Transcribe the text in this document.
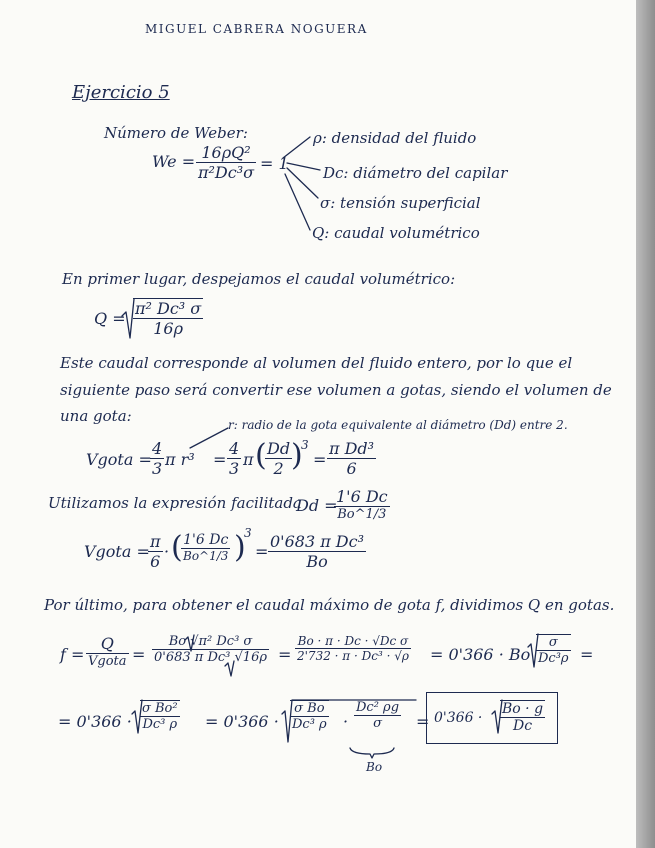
MIGUEL CABRERA NOGUERA
Ejercicio 5
Número de Weber:
$We = \frac{\text{16ρQ²}}{\text{π²Dc³σ}} = 1$
ρ: densidad del fluido
Dc: diámetro del capilar
σ: tensión superficial
Q: caudal volumétrico
En primer lugar, despejamos el caudal volumétrico:
$Q = \frac{\text{π² Dc³ σ}}{16\rho}$
Este caudal corresponde al volumen del fluido entero, por lo que el
siguiente paso será convertir ese volumen a gotas, siendo el volumen de
una gota:	r: radio de la gota equivalente al diámetro (Dd) entre 2.
Vgota =
$\frac{4}{3}$ π $r^3 = \frac{4}{3}$ π (
$\frac{Dd}{2}$
)
3
= $\frac{\text{π Dd³}}{6}$
Utilizamos la expresión facilitada
Dd =
1'6 Dc
Bo^1/3
Vgota =
$\frac{\pi}{6}$ · (
$\frac{1'6 Dc}{Bo\^{}1/3}$ )
3
= $\frac{\text{0'683 π Dc³}}{Bo}$
Por último, para obtener el caudal máximo de gota f, dividimos Q en gotas.
f =
Q
Vgota = $\frac{\text{Bo √π² Dc³ σ}}{\text{0'683 π Dc³ √16ρ}} = \frac{\text{Bo · π · Dc · √Dc σ}}{\text{2'732 · π · Dc³ · √ρ}} = 0'366 \cdot Bo \frac{\sigma}{\text{Dc³ρ}}$ =
= $0'366 \cdot \frac{\text{σ Bo²}}{\text{Dc³ ρ}} = 0'366 \cdot \frac{\text{σ Bo}}{\text{Dc³ ρ}} \cdot \frac{\text{Dc² ρg}}{\sigma}$
Bo
= $0'366 \cdot \frac{Bo \cdot g}{Dc}$
